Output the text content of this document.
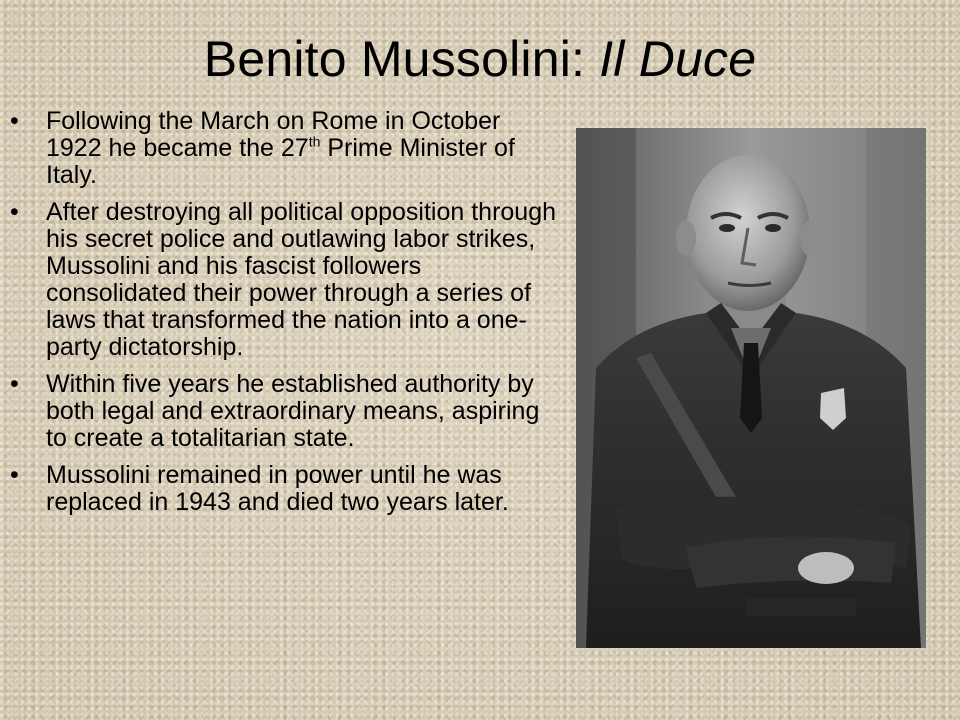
Benito Mussolini: Il Duce
• Following the March on Rome in October 1922 he became the 27th Prime Minister of Italy.
• After destroying all political opposition through his secret police and outlawing labor strikes, Mussolini and his fascist followers consolidated their power through a series of laws that transformed the nation into a one-party dictatorship.
• Within five years he established authority by both legal and extraordinary means, aspiring to create a totalitarian state.
• Mussolini remained in power until he was replaced in 1943 and died two years later.
